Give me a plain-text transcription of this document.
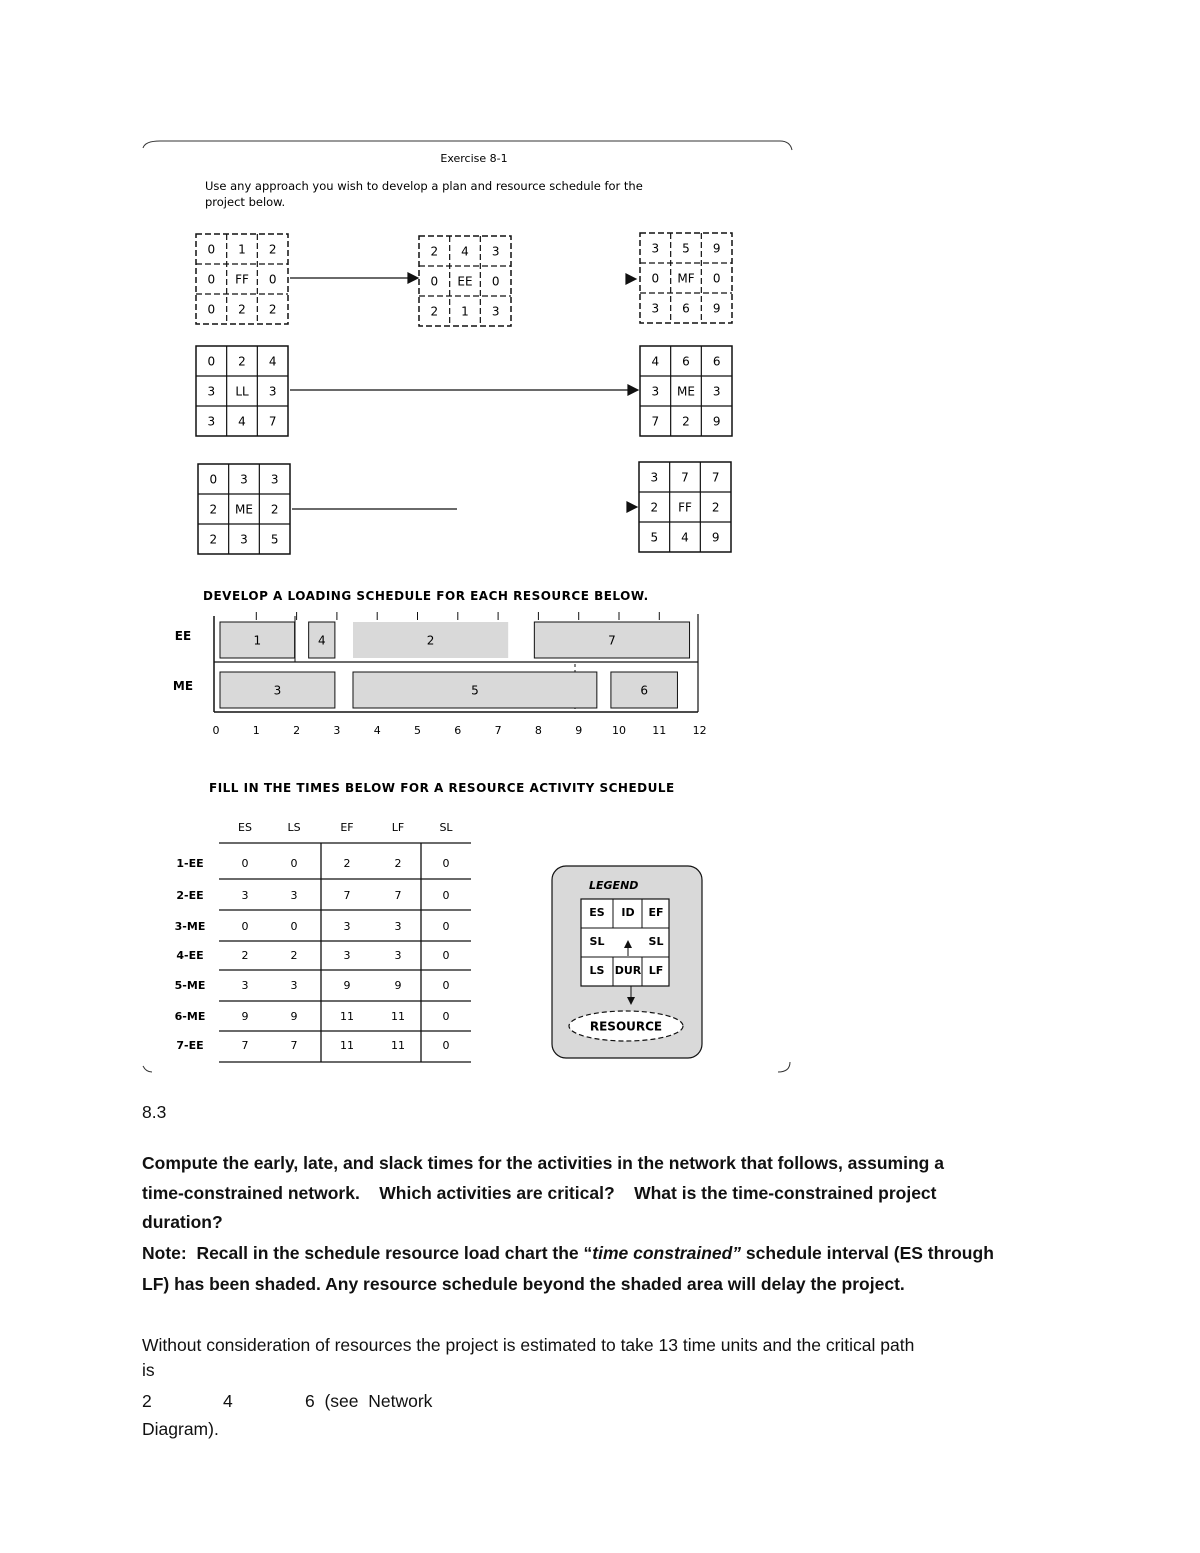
Exercise 8-1
Use any approach you wish to develop a plan and resource schedule for the
project below.
0 1 2
0 FF 0
0 2 2
2 4 3
0 EE 0
2 1 3
3 5 9
0 MF 0
3 6 9
0 2 4
3 LL 3
3 4 7
4 6 6
3 ME 3
7 2 9
0 3 3
2 ME 2
2 3 5
3 7 7
2 FF 2
5 4 9
DEVELOP A LOADING SCHEDULE FOR EACH RESOURCE BELOW.
EE	1	4	2	7
ME	3	5	6
0	1	2	3	4	5	6	7	8	9	10 11 12
FILL IN THE TIMES BELOW FOR A RESOURCE ACTIVITY SCHEDULE
ES	LS	EF	LF	SL
1-EE	0	0	2	2	0
2-EE	3	3	7	7	0
3-ME	0	0	3	3	0
4-EE	2	2	3	3	0
5-ME	3	3	9	9	0
6-ME	9	9	11	11	0
7-EE	7	7	11	11	0
LEGEND
ES ID EF
SL	SL
LS DUR LF
RESOURCE
8.3
Compute the early, late, and slack times for the activities in the network that follows, assuming a
time-constrained network.    Which activities are critical?    What is the time-constrained project
duration?
Note:  Recall in the schedule resource load chart the “time constrained” schedule interval (ES through
LF) has been shaded. Any resource schedule beyond the shaded area will delay the project.
Without consideration of resources the project is estimated to take 13 time units and the critical path
is
2	4	6  (see  Network
Diagram).
